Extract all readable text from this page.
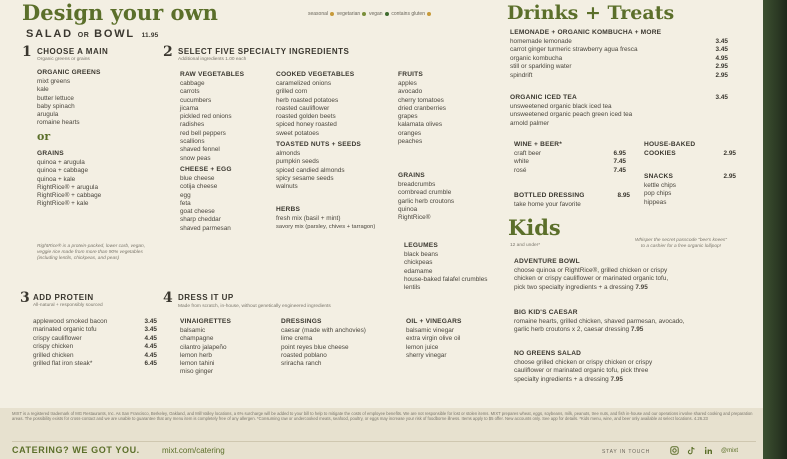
Design your own
SALAD OR BOWL 11.95
seasonal vegetarian vegan contains gluten
1 CHOOSE A MAIN
Organic greens or grains
ORGANIC GREENS
mixt greens
kale
butter lettuce
baby spinach
arugula
romaine hearts
or
GRAINS
quinoa + arugula
quinoa + cabbage
quinoa + kale
RightRice® + arugula
RightRice® + cabbage
RightRice® + kale
RightRice® is a protein-packed, lower carb, vegan, veggie rice made from more than 90% vegetables (including lentils, chickpeas, and peas)
3 ADD PROTEIN
All-natural + responsibly sourced
applewood smoked bacon	3.45
marinated organic tofu	3.45
crispy cauliflower	4.45
crispy chicken	4.45
grilled chicken	4.45
grilled flat iron steak*	6.45
2 SELECT FIVE SPECIALTY INGREDIENTS
Additional ingredients 1.00 each
RAW VEGETABLES
cabbage
carrots
cucumbers
jicama
pickled red onions
radishes
red bell peppers
scallions
shaved fennel
snow peas
CHEESE + EGG
blue cheese
cotija cheese
egg
feta
goat cheese
sharp cheddar
shaved parmesan
COOKED VEGETABLES
caramelized onions
grilled corn
herb roasted potatoes
roasted cauliflower
roasted golden beets
spiced honey roasted
sweet potatoes
TOASTED NUTS + SEEDS
almonds
pumpkin seeds
spiced candied almonds
spicy sesame seeds
walnuts
HERBS
fresh mix (basil + mint)
savory mix (parsley, chives + tarragon)
FRUITS
apples
avocado
cherry tomatoes
dried cranberries
grapes
kalamata olives
oranges
peaches
GRAINS
breadcrumbs
cornbread crumble
garlic herb croutons
quinoa
RightRice®
LEGUMES
black beans
chickpeas
edamame
house-baked falafel crumbles
lentils
4 DRESS IT UP
Made from scratch, in-house, without genetically engineered ingredients
VINAIGRETTES
balsamic
champagne
cilantro jalapeño
lemon herb
lemon tahini
miso ginger
DRESSINGS
caesar (made with anchovies)
lime crema
point reyes blue cheese
roasted poblano
sriracha ranch
OIL + VINEGARS
balsamic vinegar
extra virgin olive oil
lemon juice
sherry vinegar
Drinks + Treats
LEMONADE + ORGANIC KOMBUCHA + MORE
homemade lemonade	3.45
carrot ginger turmeric strawberry agua fresca	3.45
organic kombucha	4.95
still or sparkling water	2.95
spindrift	2.95
ORGANIC ICED TEA	3.45
unsweetened organic black iced tea
unsweetened organic peach green iced tea
arnold palmer
WINE + BEER*
craft beer	6.95
white	7.45
rosé	7.45
HOUSE-BAKED
COOKIES	2.95
SNACKS	2.95
kettle chips
pop chips
hippeas
BOTTLED DRESSING	8.95
take home your favorite
Kids
12 and under*
Whisper the secret passcode "bee's knees" to a cashier for a free organic lollipop!
ADVENTURE BOWL
choose quinoa or RightRice®, grilled chicken or crispy
chicken or crispy cauliflower or marinated organic tofu,
pick two specialty ingredients + a dressing 7.95
BIG KID'S CAESAR
romaine hearts, grilled chicken, shaved parmesan, avocado,
garlic herb croutons x 2, caesar dressing 7.95
NO GREENS SALAD
choose grilled chicken or crispy chicken or crispy
cauliflower or marinated organic tofu, pick three
specialty ingredients + a dressing 7.95
MIXT is a registered trademark of MG Restaurants, Inc. As San Francisco, Berkeley, Oakland, and Mill Valley locations, a 6% surcharge will be added to your bill to help to mitigate the costs of employee benefits. We are not responsible for lost or stolen items. MIXT prepares wheat, eggs, soybeans, milk, peanuts, tree nuts, and fish in-house and our operations involve shared cooking and preparation areas. The possibility exists for cross-contact and we are unable to guarantee that any menu item is completely free of any allergen. *Consuming raw or undercooked meats, seafood, poultry, or eggs may increase your risk of foodborne illness. Items apply to $5 offer. New accounts only. See app for details. *Kids menu, wine, and beer only available at select locations. 4.26.23
CATERING? WE GOT YOU.	mixt.com/catering	STAY IN TOUCH	@mixt
